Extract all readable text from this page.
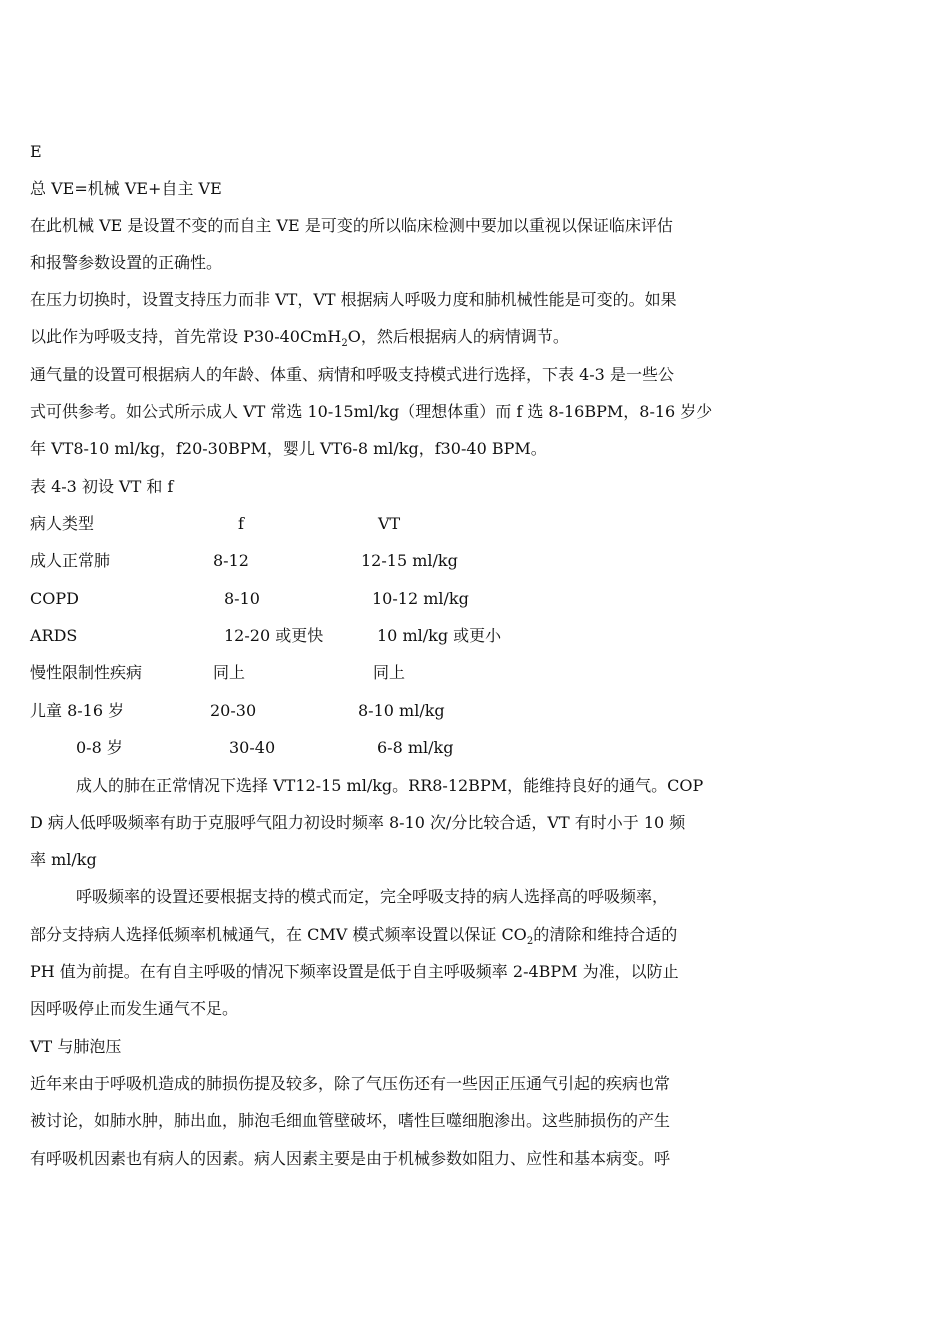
E
总 VE=机械 VE+自主 VE
在此机械 VE 是设置不变的而自主 VE 是可变的所以临床检测中要加以重视以保证临床评估
和报警参数设置的正确性。
在压力切换时，设置支持压力而非 VT，VT 根据病人呼吸力度和肺机械性能是可变的。如果
以此作为呼吸支持，首先常设 P30-40CmH$_2$O，然后根据病人的病情调节。
通气量的设置可根据病人的年龄、体重、病情和呼吸支持模式进行选择，下表 4-3 是一些公
式可供参考。如公式所示成人 VT 常选 10-15ml/kg（理想体重）而 f 选 8-16BPM，8-16 岁少
年 VT8-10 ml/kg，f20-30BPM，婴儿 VT6-8 ml/kg，f30-40 BPM。
表 4-3 初设 VT 和 f
病人类型	f	VT
成人正常肺	8-12	12-15 ml/kg
COPD	8-10	10-12 ml/kg
ARDS	12-20 或更快	10 ml/kg 或更小
慢性限制性疾病	同上	同上
儿童 8-16 岁	20-30	8-10 ml/kg
0-8 岁	30-40	6-8 ml/kg
成人的肺在正常情况下选择 VT12-15 ml/kg。RR8-12BPM，能维持良好的通气。COP
D 病人低呼吸频率有助于克服呼气阻力初设时频率 8-10 次/分比较合适，VT 有时小于 10 频
率 ml/kg
呼吸频率的设置还要根据支持的模式而定，完全呼吸支持的病人选择高的呼吸频率，
部分支持病人选择低频率机械通气，在 CMV 模式频率设置以保证 $CO_2$的清除和维持合适的
PH 值为前提。在有自主呼吸的情况下频率设置是低于自主呼吸频率 2-4BPM 为准，以防止
因呼吸停止而发生通气不足。
VT 与肺泡压
近年来由于呼吸机造成的肺损伤提及较多，除了气压伤还有一些因正压通气引起的疾病也常
被讨论，如肺水肿，肺出血，肺泡毛细血管壁破坏，嗜性巨噬细胞渗出。这些肺损伤的产生
有呼吸机因素也有病人的因素。病人因素主要是由于机械参数如阻力、应性和基本病变。呼
